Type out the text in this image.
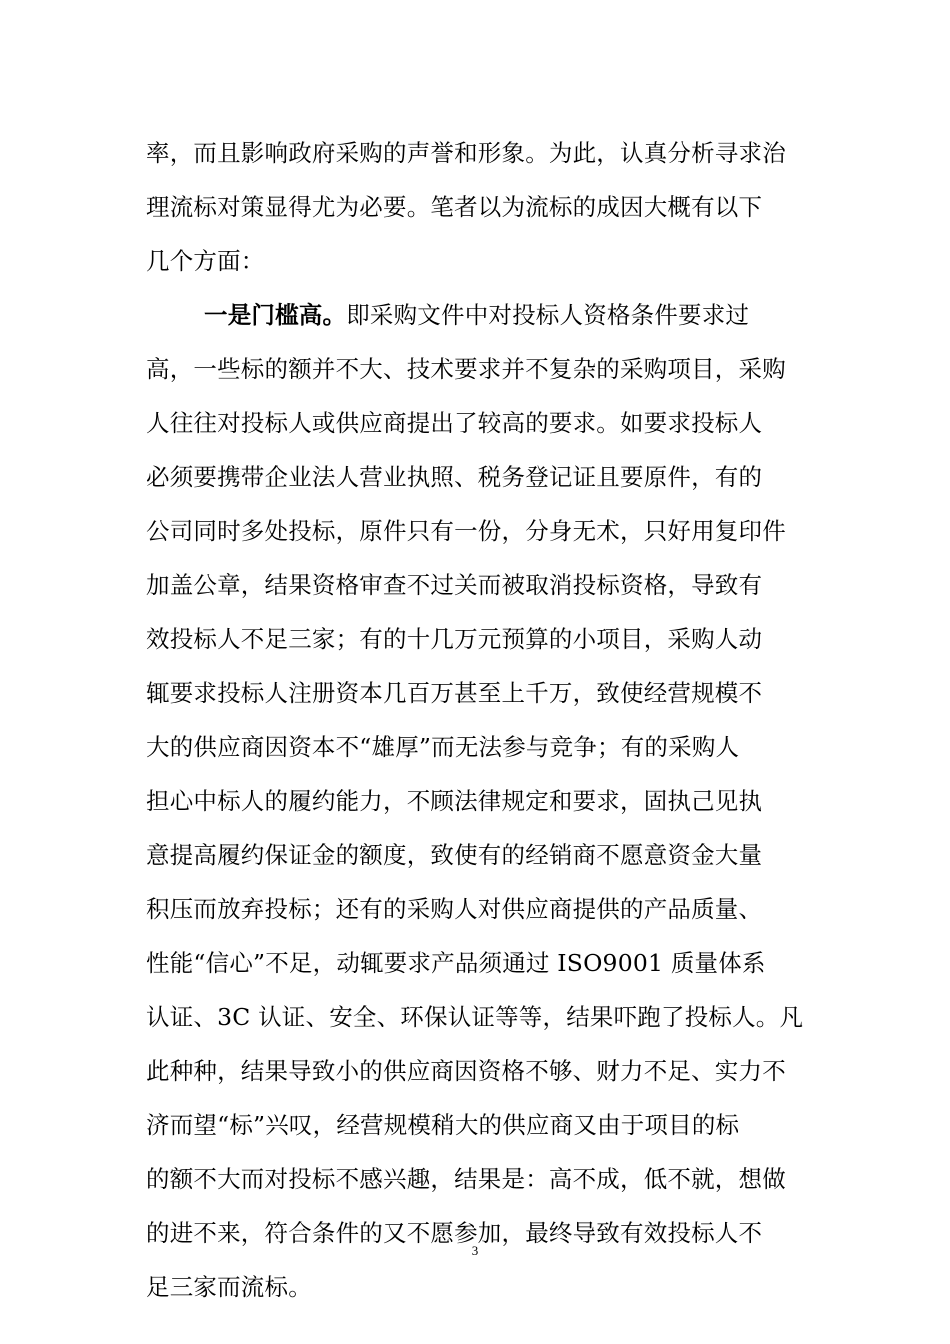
率，而且影响政府采购的声誉和形象。为此，认真分析寻求治
理流标对策显得尤为必要。笔者以为流标的成因大概有以下
几个方面：
一是门槛高。即采购文件中对投标人资格条件要求过
高，一些标的额并不大、技术要求并不复杂的采购项目，采购
人往往对投标人或供应商提出了较高的要求。如要求投标人
必须要携带企业法人营业执照、税务登记证且要原件，有的
公司同时多处投标，原件只有一份，分身无术，只好用复印件
加盖公章，结果资格审查不过关而被取消投标资格，导致有
效投标人不足三家；有的十几万元预算的小项目，采购人动
辄要求投标人注册资本几百万甚至上千万，致使经营规模不
大的供应商因资本不“雄厚”而无法参与竞争；有的采购人
担心中标人的履约能力，不顾法律规定和要求，固执己见执
意提高履约保证金的额度，致使有的经销商不愿意资金大量
积压而放弃投标；还有的采购人对供应商提供的产品质量、
性能“信心”不足，动辄要求产品须通过 ISO9001 质量体系
认证、3C 认证、安全、环保认证等等，结果吓跑了投标人。凡
此种种，结果导致小的供应商因资格不够、财力不足、实力不
济而望“标”兴叹，经营规模稍大的供应商又由于项目的标
的额不大而对投标不感兴趣，结果是：高不成，低不就，想做
的进不来，符合条件的又不愿参加，最终导致有效投标人不
足三家而流标。
3
